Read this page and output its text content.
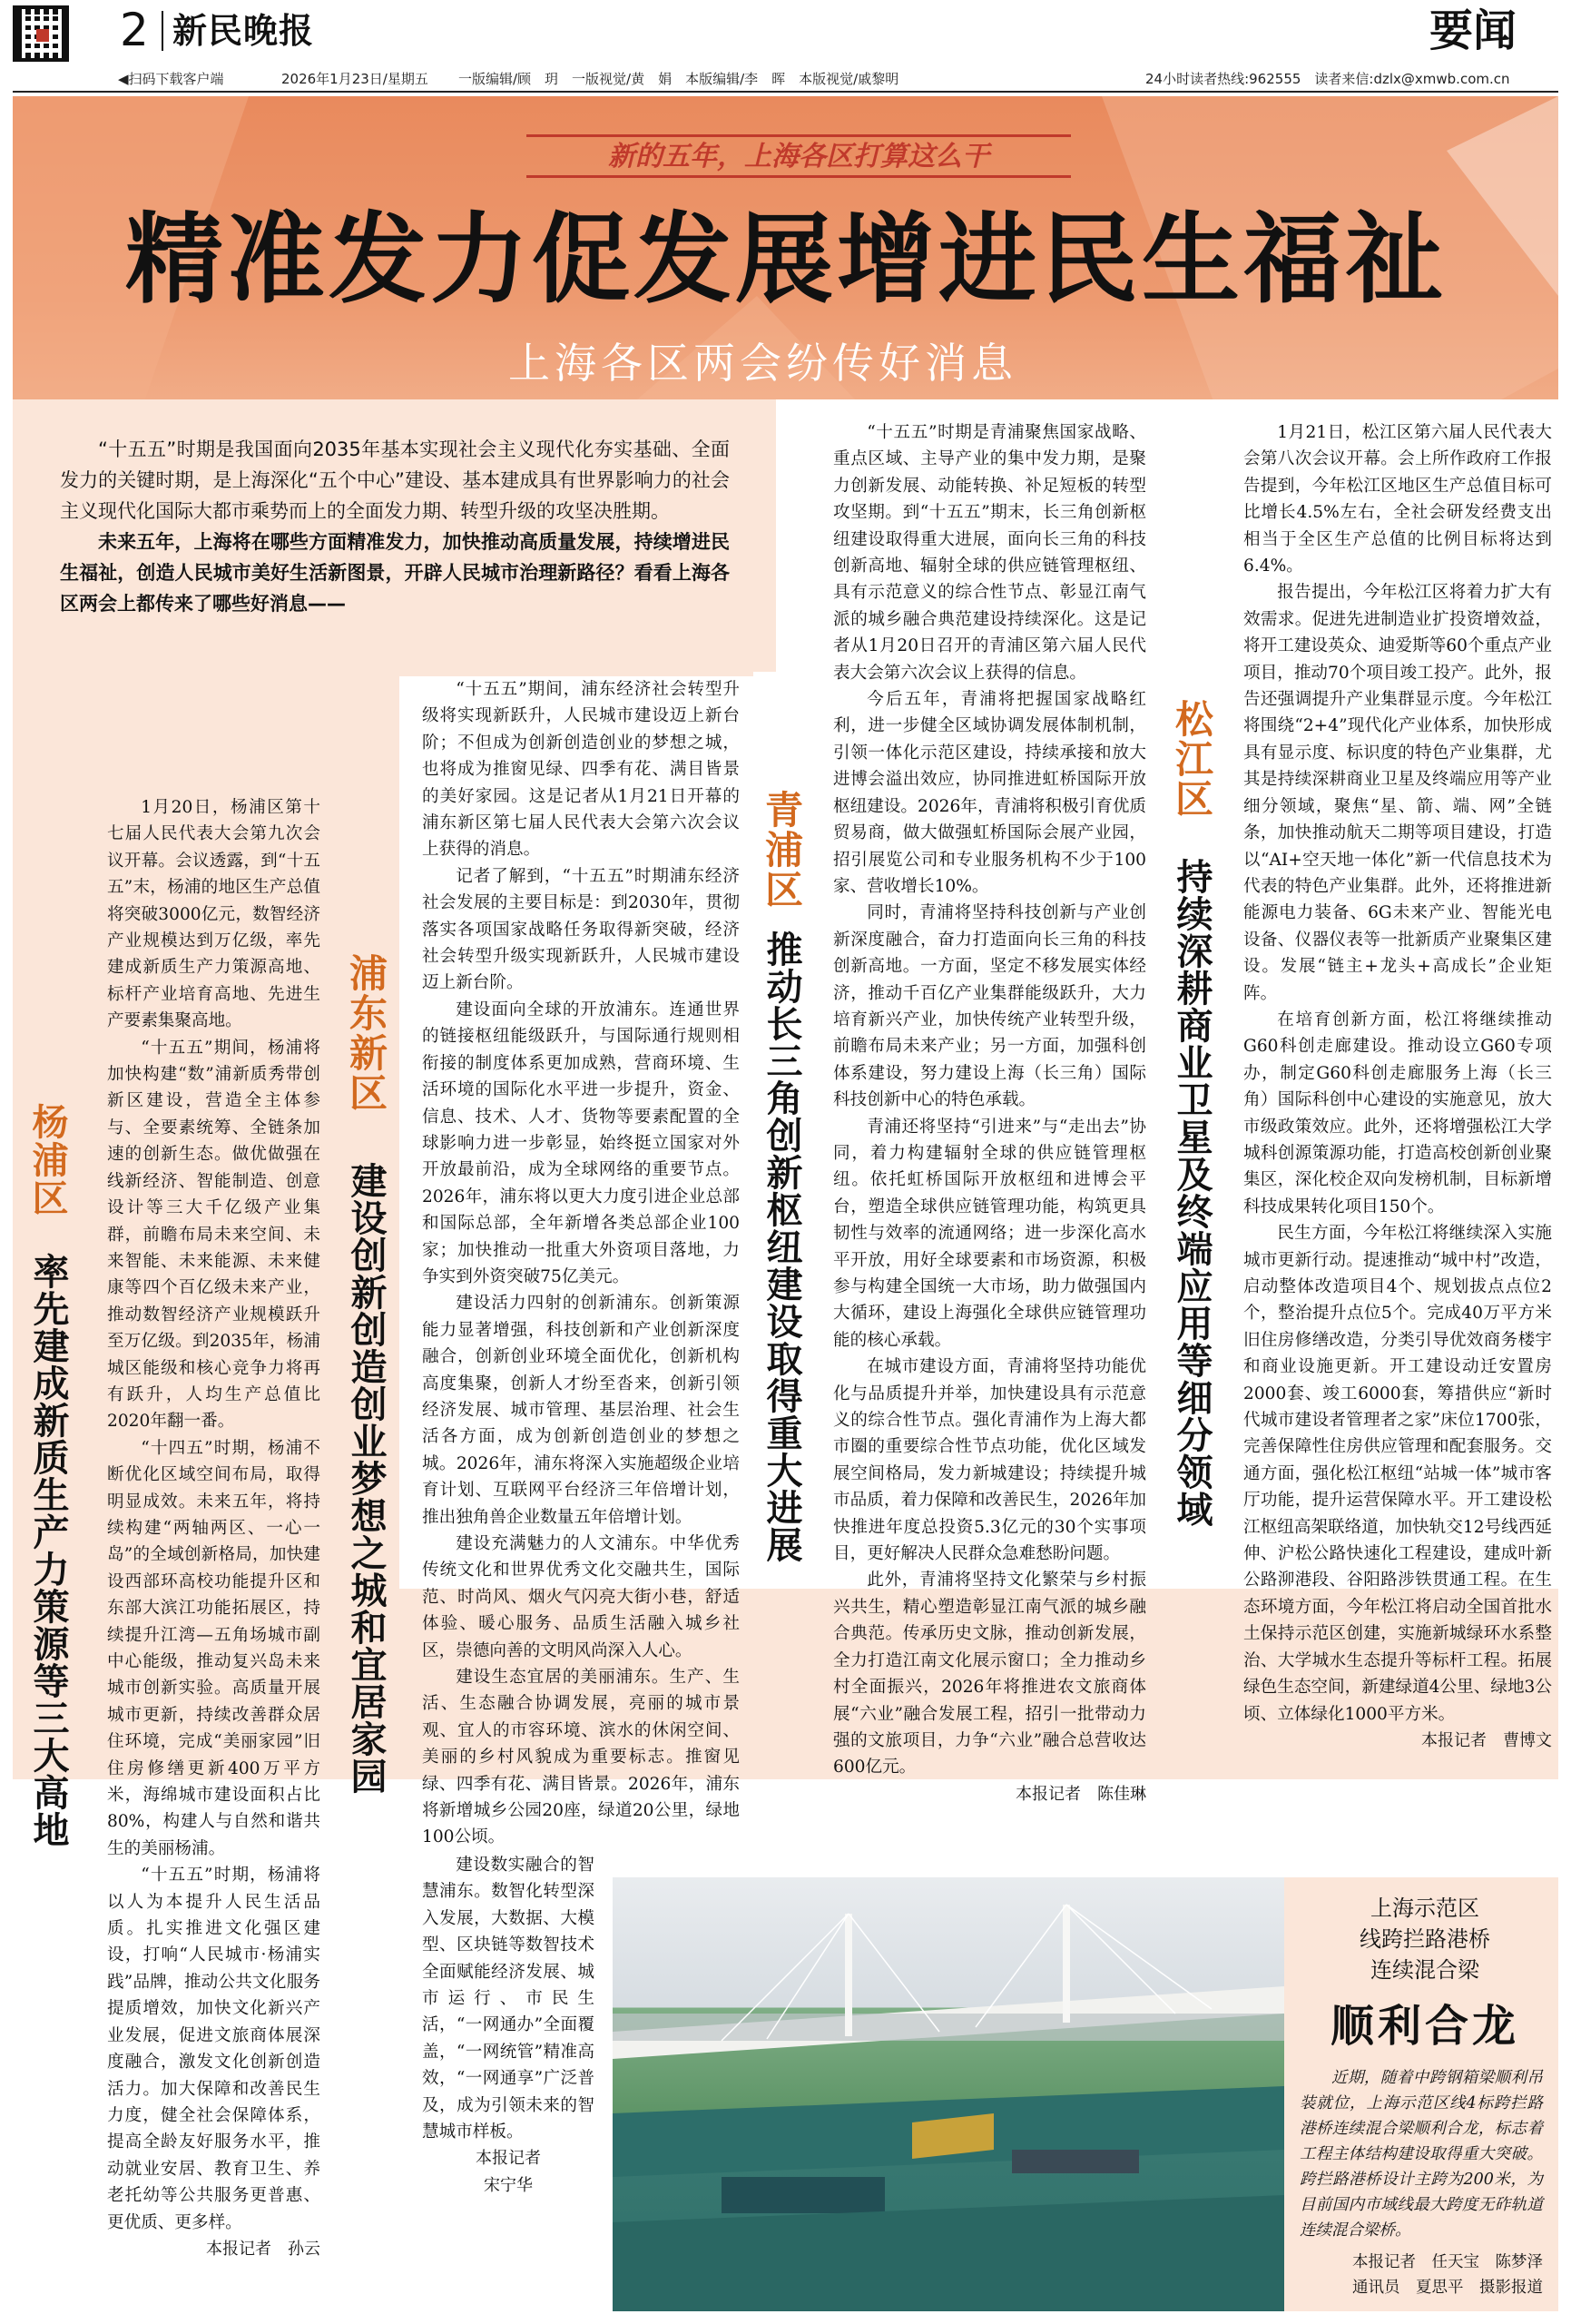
2 新民晚报	要闻
◀扫码下载客户端	2026年1月23日/星期五 一版编辑/顾　玥　一版视觉/黄　娟　本版编辑/李　晖　本版视觉/戚黎明	24小时读者热线:962555　读者来信:dzlx@xmwb.com.cn
新的五年，上海各区打算这么干
精准发力促发展增进民生福祉
上海各区两会纷传好消息

“十五五”时期是我国面向2035年基本实现社会主义现代化夯实基础、全面发力的关键时期，是上海深化“五个中心”建设、基本建成具有世界影响力的社会主义现代化国际大都市乘势而上的全面发力期、转型升级的攻坚决胜期。

未来五年，上海将在哪些方面精准发力，加快推动高质量发展，持续增进民生福祉，创造人民城市美好生活新图景，开辟人民城市治理新路径？看看上海各区两会上都传来了哪些好消息——

杨浦区
率先建成新质生产力策源等三大高地

1月20日，杨浦区第十七届人民代表大会第九次会议开幕。会议透露，到“十五五”末，杨浦的地区生产总值将突破3000亿元，数智经济产业规模达到万亿级，率先建成新质生产力策源高地、标杆产业培育高地、先进生产要素集聚高地。

“十五五”期间，杨浦将加快构建“数”浦新质秀带创新区建设，营造全主体参与、全要素统筹、全链条加速的创新生态。做优做强在线新经济、智能制造、创意设计等三大千亿级产业集群，前瞻布局未来空间、未来智能、未来能源、未来健康等四个百亿级未来产业，推动数智经济产业规模跃升至万亿级。到2035年，杨浦城区能级和核心竞争力将再有跃升，人均生产总值比2020年翻一番。

“十四五”时期，杨浦不断优化区域空间布局，取得明显成效。未来五年，将持续构建“两轴两区、一心一岛”的全域创新格局，加快建设西部环高校功能提升区和东部大滨江功能拓展区，持续提升江湾—五角场城市副中心能级，推动复兴岛未来城市创新实验。高质量开展城市更新，持续改善群众居住环境，完成“美丽家园”旧住房修缮更新400万平方米，海绵城市建设面积占比80%，构建人与自然和谐共生的美丽杨浦。

“十五五”时期，杨浦将以人为本提升人民生活品质。扎实推进文化强区建设，打响“人民城市·杨浦实践”品牌，推动公共文化服务提质增效，加快文化新兴产业发展，促进文旅商体展深度融合，激发文化创新创造活力。加大保障和改善民生力度，健全社会保障体系，提高全龄友好服务水平，推动就业安居、教育卫生、养老托幼等公共服务更普惠、更优质、更多样。

本报记者　孙云

浦东新区
建设创新创造创业梦想之城和宜居家园

“十五五”期间，浦东经济社会转型升级将实现新跃升，人民城市建设迈上新台阶；不但成为创新创造创业的梦想之城，也将成为推窗见绿、四季有花、满目皆景的美好家园。这是记者从1月21日开幕的浦东新区第七届人民代表大会第六次会议上获得的消息。

记者了解到，“十五五”时期浦东经济社会发展的主要目标是：到2030年，贯彻落实各项国家战略任务取得新突破，经济社会转型升级实现新跃升，人民城市建设迈上新台阶。

建设面向全球的开放浦东。连通世界的链接枢纽能级跃升，与国际通行规则相衔接的制度体系更加成熟，营商环境、生活环境的国际化水平进一步提升，资金、信息、技术、人才、货物等要素配置的全球影响力进一步彰显，始终挺立国家对外开放最前沿，成为全球网络的重要节点。2026年，浦东将以更大力度引进企业总部和国际总部，全年新增各类总部企业100家；加快推动一批重大外资项目落地，力争实到外资突破75亿美元。

建设活力四射的创新浦东。创新策源能力显著增强，科技创新和产业创新深度融合，创新创业环境全面优化，创新机构高度集聚，创新人才纷至沓来，创新引领经济发展、城市管理、基层治理、社会生活各方面，成为创新创造创业的梦想之城。2026年，浦东将深入实施超级企业培育计划、互联网平台经济三年倍增计划，推出独角兽企业数量五年倍增计划。

建设充满魅力的人文浦东。中华优秀传统文化和世界优秀文化交融共生，国际范、时尚风、烟火气闪亮大街小巷，舒适体验、暖心服务、品质生活融入城乡社区，崇德向善的文明风尚深入人心。

建设生态宜居的美丽浦东。生产、生活、生态融合协调发展，亮丽的城市景观、宜人的市容环境、滨水的休闲空间、美丽的乡村风貌成为重要标志。推窗见绿、四季有花、满目皆景。2026年，浦东将新增城乡公园20座，绿道20公里，绿地100公顷。

建设数实融合的智慧浦东。数智化转型深入发展，大数据、大模型、区块链等数智技术全面赋能经济发展、城市运行、市民生活，“一网通办”全面覆盖，“一网统管”精准高效，“一网通享”广泛普及，成为引领未来的智慧城市样板。

本报记者
宋宁华

青浦区
推动长三角创新枢纽建设取得重大进展

“十五五”时期是青浦聚焦国家战略、重点区域、主导产业的集中发力期，是聚力创新发展、动能转换、补足短板的转型攻坚期。到“十五五”期末，长三角创新枢纽建设取得重大进展，面向长三角的科技创新高地、辐射全球的供应链管理枢纽、具有示范意义的综合性节点、彰显江南气派的城乡融合典范建设持续深化。这是记者从1月20日召开的青浦区第六届人民代表大会第六次会议上获得的信息。

今后五年，青浦将把握国家战略红利，进一步健全区域协调发展体制机制，引领一体化示范区建设，持续承接和放大进博会溢出效应，协同推进虹桥国际开放枢纽建设。2026年，青浦将积极引育优质贸易商，做大做强虹桥国际会展产业园，招引展览公司和专业服务机构不少于100家、营收增长10%。

同时，青浦将坚持科技创新与产业创新深度融合，奋力打造面向长三角的科技创新高地。一方面，坚定不移发展实体经济，推动千百亿产业集群能级跃升，大力培育新兴产业，加快传统产业转型升级，前瞻布局未来产业；另一方面，加强科创体系建设，努力建设上海（长三角）国际科技创新中心的特色承载。

青浦还将坚持“引进来”与“走出去”协同，着力构建辐射全球的供应链管理枢纽。依托虹桥国际开放枢纽和进博会平台，塑造全球供应链管理功能，构筑更具韧性与效率的流通网络；进一步深化高水平开放，用好全球要素和市场资源，积极参与构建全国统一大市场，助力做强国内大循环，建设上海强化全球供应链管理功能的核心承载。

在城市建设方面，青浦将坚持功能优化与品质提升并举，加快建设具有示范意义的综合性节点。强化青浦作为上海大都市圈的重要综合性节点功能，优化区域发展空间格局，发力新城建设；持续提升城市品质，着力保障和改善民生，2026年加快推进年度总投资5.3亿元的30个实事项目，更好解决人民群众急难愁盼问题。

此外，青浦将坚持文化繁荣与乡村振兴共生，精心塑造彰显江南气派的城乡融合典范。传承历史文脉，推动创新发展，全力打造江南文化展示窗口；全力推动乡村全面振兴，2026年将推进农文旅商体展“六业”融合发展工程，招引一批带动力强的文旅项目，力争“六业”融合总营收达600亿元。

本报记者　陈佳琳

松江区
持续深耕商业卫星及终端应用等细分领域

1月21日，松江区第六届人民代表大会第八次会议开幕。会上所作政府工作报告提到，今年松江区地区生产总值目标可比增长4.5%左右，全社会研发经费支出相当于全区生产总值的比例目标将达到6.4%。

报告提出，今年松江区将着力扩大有效需求。促进先进制造业扩投资增效益，将开工建设英众、迪爱斯等60个重点产业项目，推动70个项目竣工投产。此外，报告还强调提升产业集群显示度。今年松江将围绕“2+4”现代化产业体系，加快形成具有显示度、标识度的特色产业集群，尤其是持续深耕商业卫星及终端应用等产业细分领域，聚焦“星、箭、端、网”全链条，加快推动航天二期等项目建设，打造以“AI+空天地一体化”新一代信息技术为代表的特色产业集群。此外，还将推进新能源电力装备、6G未来产业、智能光电设备、仪器仪表等一批新质产业聚集区建设。发展“链主+龙头+高成长”企业矩阵。

在培育创新方面，松江将继续推动G60科创走廊建设。推动设立G60专项办，制定G60科创走廊服务上海（长三角）国际科创中心建设的实施意见，放大市级政策效应。此外，还将增强松江大学城科创源策源功能，打造高校创新创业聚集区，深化校企双向发榜机制，目标新增科技成果转化项目150个。

民生方面，今年松江将继续深入实施城市更新行动。提速推动“城中村”改造，启动整体改造项目4个、规划拔点点位2个，整治提升点位5个。完成40万平方米旧住房修缮改造，分类引导优效商务楼宇和商业设施更新。开工建设动迁安置房2000套、竣工6000套，筹措供应“新时代城市建设者管理者之家”床位1700张，完善保障性住房供应管理和配套服务。交通方面，强化松江枢纽“站城一体”城市客厅功能，提升运营保障水平。开工建设松江枢纽高架联络道，加快轨交12号线西延伸、沪松公路快速化工程建设，建成叶新公路泖港段、谷阳路涉铁贯通工程。在生态环境方面，今年松江将启动全国首批水土保持示范区创建，实施新城绿环水系整治、大学城水生态提升等标杆工程。拓展绿色生态空间，新建绿道4公里、绿地3公顷、立体绿化1000平方米。

本报记者　曹博文

上海示范区
线跨拦路港桥
连续混合梁
顺利合龙
近期，随着中跨钢箱梁顺利吊装就位，上海示范区线4标跨拦路港桥连续混合梁顺利合龙，标志着工程主体结构建设取得重大突破。跨拦路港桥设计主跨为200米，为目前国内市域线最大跨度无砟轨道连续混合梁桥。
本报记者　任天宝　陈梦泽
通讯员　夏思平　摄影报道
